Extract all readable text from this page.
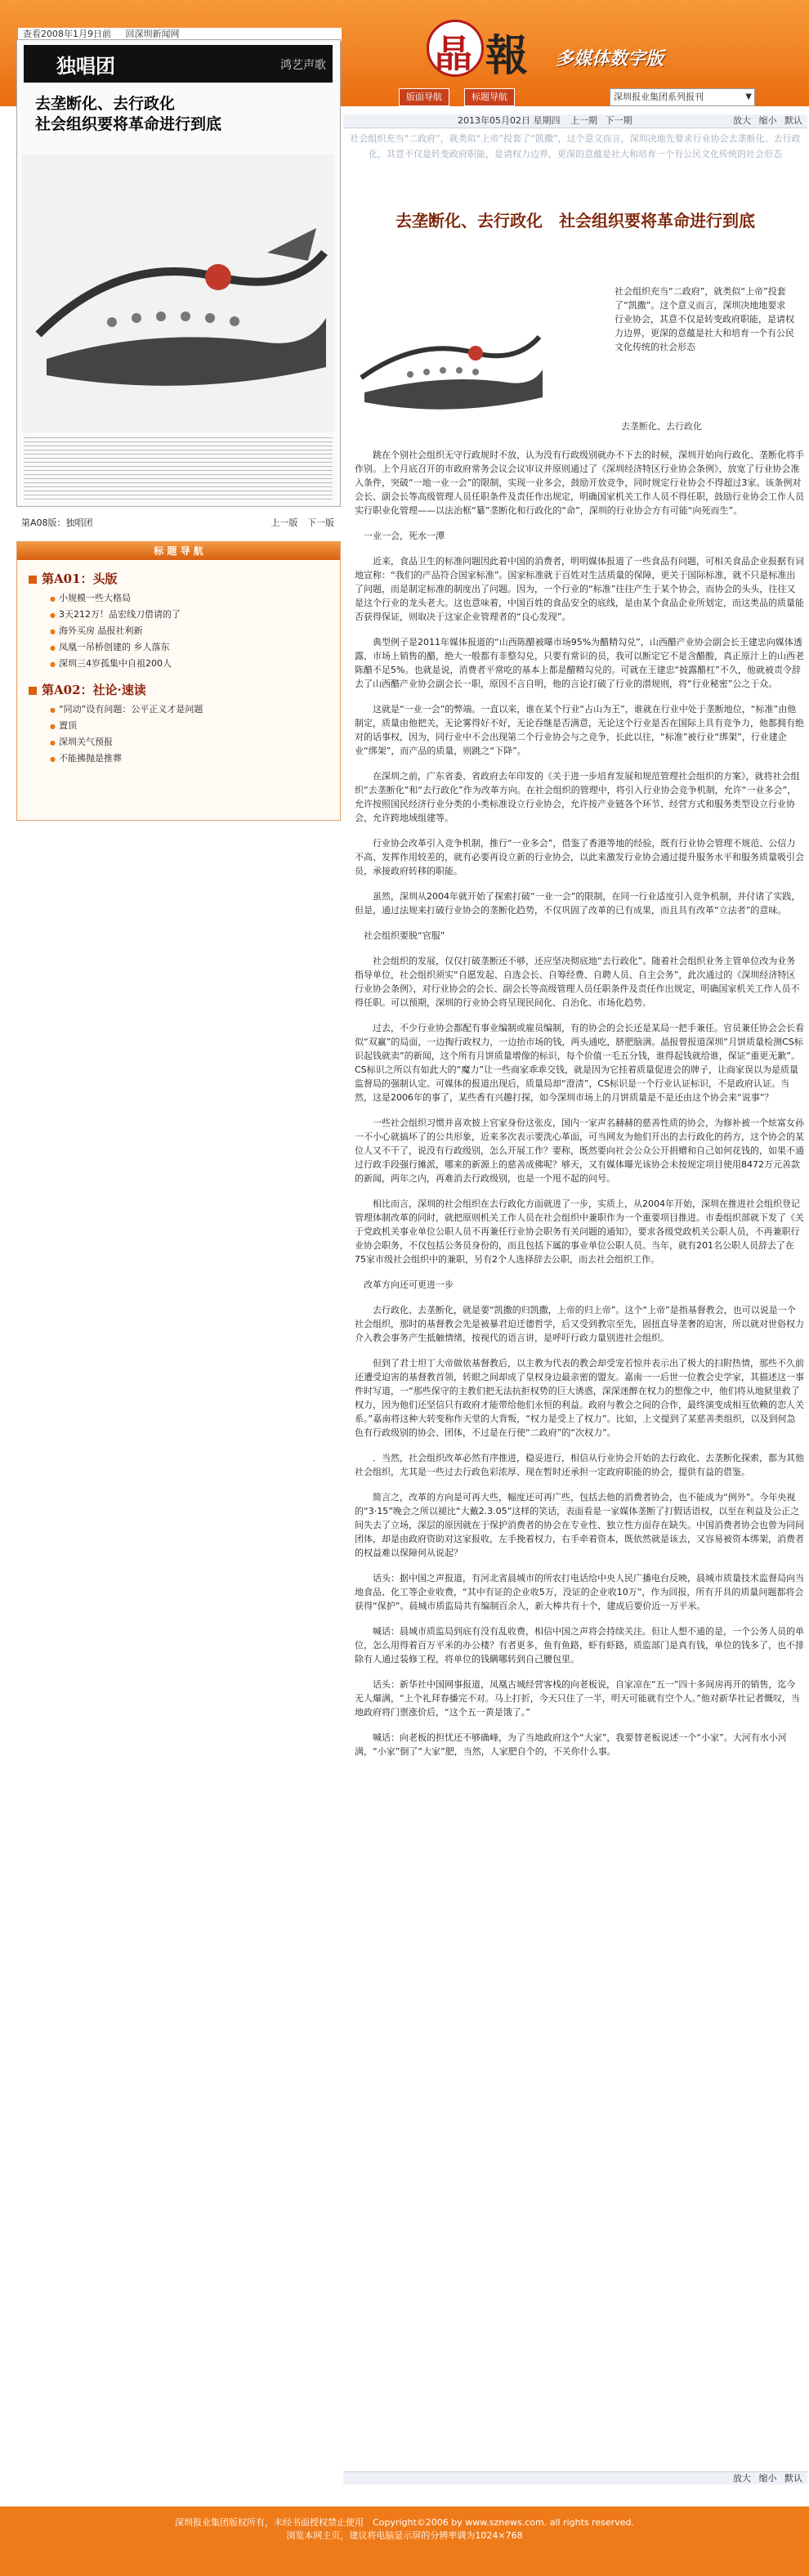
查看2008年1月9日前 回深圳新闻网	晶 報 多媒体数字版
版面导航	标题导航	深圳报业集团系列报刊	▼
独唱团	鸿艺声歌
去垄断化、去行政化
社会组织要将革命进行到底
第A08版：独唱团	上一版 下一版
标 题 导 航
第A01：头版
● 小规模一些大格局
● 3天212万！品宏线刀借请的了
● 海外买房 晶报社利新
● 凤凰一吊桥创建的 乡人落东
● 深圳三4岁孤集中自祖200人
第A02：社论·速读
● “同动”设有问题：公平正义才是问题
● 置顶
● 深圳关气预报
● 不能拂抛是推葬
2013年05月02日 星期四	上一期 下一期	放大 缩小 默认
社会组织充当“二政府”，就类似“上帝”投套了“凯撒”，这个意义而言，深圳决地先要求行业协会去垄断化、去行政化，其意不仅是转变政府职能，是请权力边界，更深的意蕴是社大和培育一个有公民文化传统的社会形态
去垄断化、去行政化　社会组织要将革命进行到底
社会组织充当“二政府”，就类似“上帝”投套了“凯撒”。这个意义而言，深圳决地地要求行业协会，其意不仅是转变政府职能，是请权力边界，更深的意蕴是社大和培育一个有公民文化传统的社会形态
去垄断化、去行政化

跳在个别社会组织无守行政规时不放，认为没有行政级别就办不下去的时候，深圳开始向行政化、垄断化将手作别。上个月底召开的市政府常务会议会议审议并原则通过了《深圳经济特区行业协会条例》，放宽了行业协会准入条件，突破“一地一业一会”的限制，实现一业多会，鼓励开放竞争，同时规定行业协会不得超过3家。该条例对会长、副会长等高级管理人员任职条件及责任作出规定，明确国家机关工作人员不得任职，鼓励行业协会工作人员实行职业化管理——以法治框“纂”垄断化和行政化的“命”，深圳的行业协会方有可能“向死而生”。

一业一会，死水一潭

近来，食品卫生的标准问题因此着中国的消费者，明明媒体报道了一些食品有问题，可相关食品企业报据有词地宣称：“我们的产品符合国家标准”。国家标准就于百姓对生活质量的保障，更关于国际标准，就不只是标准出了问题，而是制定标准的制度出了问题。因为，一个行业的“标准”往往产生于某个协会，而协会的头头，往往又是这个行业的龙头老大。这也意味着，中国百姓的食品安全的底线，是由某个食品企业所划定，而这类品的质量能否获得保证，则取决于这家企业管理者的“良心发现”。

典型例子是2011年媒体报道的“山西陈醋被曝市场95%为醋精勾兑”，山西醋产业协会副会长王建忠向媒体透露，市场上销售的醋，绝大一般都有非整勾兑，只要有常识的员，我可以断定它不是含醋酸，真正原汁上的山西老陈醋不足5%。也就是说，消费者平常吃的基本上都是醋精勾兑的。可就在王建忠“披露醋杠”不久，他就被责令辞去了山西醋产业协会副会长一职，原因不言自明，他的言论打破了行业的潜规则，将“行业秘密”公之于众。

这就是“一业一会”的弊端。一直以来，谁在某个行业“占山为王”，谁就在行业中处于垄断地位，“标准”由他制定，质量由他把关，无论雾得好不好，无论吞继是否满意，无论这个行业是否在国际上具有竞争力，他都拥有绝对的话事权，因为，同行业中不会出现第二个行业协会与之竞争，长此以往，“标准”被行业“绑架”，行业建企业“绑架”，而产品的质量，则跳之“下降”。

在深圳之前，广东省委、省政府去年印发的《关于进一步培育发展和规范管理社会组织的方案》，就将社会组织“去垄断化”和“去行政化”作为改革方向。在社会组织的管理中，将引入行业协会竞争机制，允许“一业多会”，允许按照国民经济行业分类的小类标准设立行业协会，允许按产业链各个环节、经营方式和服务类型设立行业协会，允许跨地域组建等。

行业协会改革引入竞争机制，推行“一业多会”，借鉴了香港等地的经验，既有行业协会管理不规范、公信力不高、发挥作用较差的，就有必要再设立新的行业协会，以此来激发行业协会通过提升服务水平和服务质量吸引会员，承接政府转移的职能。

虽然，深圳从2004年就开始了探索打破“一业一会”的限制，在同一行业适度引入竞争机制，并付诸了实践，但是，通过法规来打破行业协会的垄断化趋势，不仅巩固了改革的已有成果，而且具有改革“立法者”的意味。

社会组织要脱“官服”

社会组织的发展，仅仅打破垄断还不够，还应坚决彻底地“去行政化”。随着社会组织业务主管单位改为业务指导单位，社会组织须实“自愿发起、自选会长、自筹经费、自聘人员、自主会务”，此次通过的《深圳经济特区行业协会条例》，对行业协会的会长、副会长等高级管理人员任职条件及责任作出规定，明确国家机关工作人员不得任职。可以预期，深圳的行业协会将呈现民间化、自治化、市场化趋势。

过去，不少行业协会都配有事业编制或雇员编制，有的协会的会长还是某局一把手兼任。官员兼任协会会长看似“双赢”的局面，一边掏行政权力，一边抬市场的钱，两头通吃，脐肥脑满。晶报曾报道深圳“月饼质量检测CS标识起钱就卖”的新闻，这个所有月饼质量增像的标识，每个价值一毛五分钱，谁得起钱就给谁，保证“重更无歉”。CS标识之所以有如此大的“魔力”让一些商家乖乖交钱，就是因为它挂着质量促进会的牌子，让商家误以为是质量监督局的强制认定。可媒体的报道出现后，质量局却“澄清”，CS标识是一个行业认证标识，不是政府认证。当然，这是2006年的事了，某些香有兴趣打探，如今深圳市场上的月饼质量是不是还由这个协会来“说事”？

一些社会组织习惯并喜欢披上官家身份这张皮，国内一家声名赫赫的慈善性质的协会，为修补被一个炫富女孙一不小心就搞坏了的公共形象，近来多次表示要洗心革面，可当网友为他们开出的去行政化的药方，这个协会的某位人又不干了，说没有行政级别，怎么开展工作？要称，既然要向社会公众公开捐赠和自己如何花钱的，如果不通过行政手段强行摊派，哪来的新源上的慈善成佛呢？够天，又有媒体曝光该协会未按规定项目使用8472万元善款的新闻，两年之内，再难消去行政级别，也是一个甩不起的问号。

相比而言，深圳的社会组织在去行政化方面就进了一步，实质上，从2004年开始，深圳在推进社会组织登记管理体制改革的同时，就把原则机关工作人员在社会组织中兼职作为一个重要项目推进。市委组织部就下发了《关于党政机关事业单位公职人员不再兼任行业协会职务有关问题的通知》，要求各级党政机关公职人员，不再兼职行业协会职务，不仅包括公务员身份的，而且包括下属的事业单位公职人员。当年，就有201名公职人员辞去了在75家市级社会组织中的兼职，另有2个人选择辞去公职，而去社会组织工作。

改革方向还可更进一步

去行政化、去垄断化，就是要“凯撒的归凯撒，上帝的归上帝”。这个“上帝”是指基督教会，也可以说是一个社会组织，那时的基督教会先是被暴君迫迁德哲学，后又受到教宗至先，固扭直导垄奢的迫害，所以就对世俗权力介入教会事务产生抵触情绪，按视代的语言讲，是呼吁行政力量别进社会组织。

但到了君士坦丁大帝做依基督教后，以主教为代表的教会却受宠若惊并表示出了极大的扫附热情，那些不久前还遭受迫害的基督教首领，转眼之间却成了皇权身边最亲密的盟友。嘉南一一后世一位教会史学家，其描述这一事件时写道，一“那些保守的主教们把无法抗拒权势的巨大诱惑，深深迷醉在权力的想像之中，他们将从地狱里救了权力，因为他们还坚信只有政府才能带给他们永恒的利益。政府与教会之间的合作，最终演变成相互依赖的恋人关系。”嘉南将这种大转变称作天堂的大背叛，“权力是受上了权力”。比如，上文提到了某慈善类组织，以及到何急色有行政级别的协会、团体，不过是在行使“二政府”的“次权力”。

．当然，社会组织改革必然有序推进，稳妥进行，相信从行业协会开始的去行政化、去垄断化探索，都为其他社会组织，尤其是一些过去行政色彩浓厚、现在暂时还承担一定政府职能的协会，提供有益的借鉴。

简言之，改革的方向是可再大些，幅度还可再广些，包括去他的消费者协会，也不能成为“例外”。今年央视的“3·15”晚会之所以褪比“大戴2.3.05”这样的笑话，表面看是一家媒体垄断了打假话语权，以至在利益及公正之间失去了立场，深层的原因就在于保护消费者的协会在专业性、独立性方面存在缺失。中国消费者协会也曾为同间团体，却是由政府资助对这家报收，左手挽着权力，右手牵着资本，既依然就是该去，又容易被资本绑架，消费者的权益难以保障何从说起？

话头：据中国之声报道，有河北省晨城市的所农打电话给中央人民广播电台反映，晨城市质量技术监督局向当地食品、化工等企业收费，“其中有证的企业收5万，没证的企业收10万”，作为回报，所有开具的质量问题都将会获得“保护”。晨城市质监局共有编制百余人，新大棒共有十个，建成后要价近一万平米。

喊话：晨城市质监局到底有没有乱收费，相信中国之声将会持续关注。但让人想不通的是，一个公务人员的单位，怎么用得着百万平米的办公楼？有者更多，鱼有鱼路，虾有虾路，质监部门是真有钱，单位的钱多了，也不排除有人通过装修工程，将单位的钱瞒哪转到自己腰包里。

话头：新华社中国网事报道，凤凰古城经营客栈的向老板说，自家凉在“五一”四十多间房再开的销售，迄今无人爆满，“上个礼拜春播完不对。马上打折，今天只住了一半，明天可能就有空个人。”他对新华社记者慨叹，当地政府将门票涨价后，“这个五一黄是饿了。”

喊话：向老板的担忧还不够确峰，为了当地政府这个“大家”，我要替老板说述一个“小家”。大河有水小河满，“小家”倒了“大家”肥，当然，人家肥自个的，不关你什么事。

放大 缩小 默认
深圳报业集团版权所有，未经书面授权禁止使用　Copyright©2006 by www.sznews.com. all rights reserved.
浏览本网主页，建议将电脑显示屏的分辨率调为1024×768
